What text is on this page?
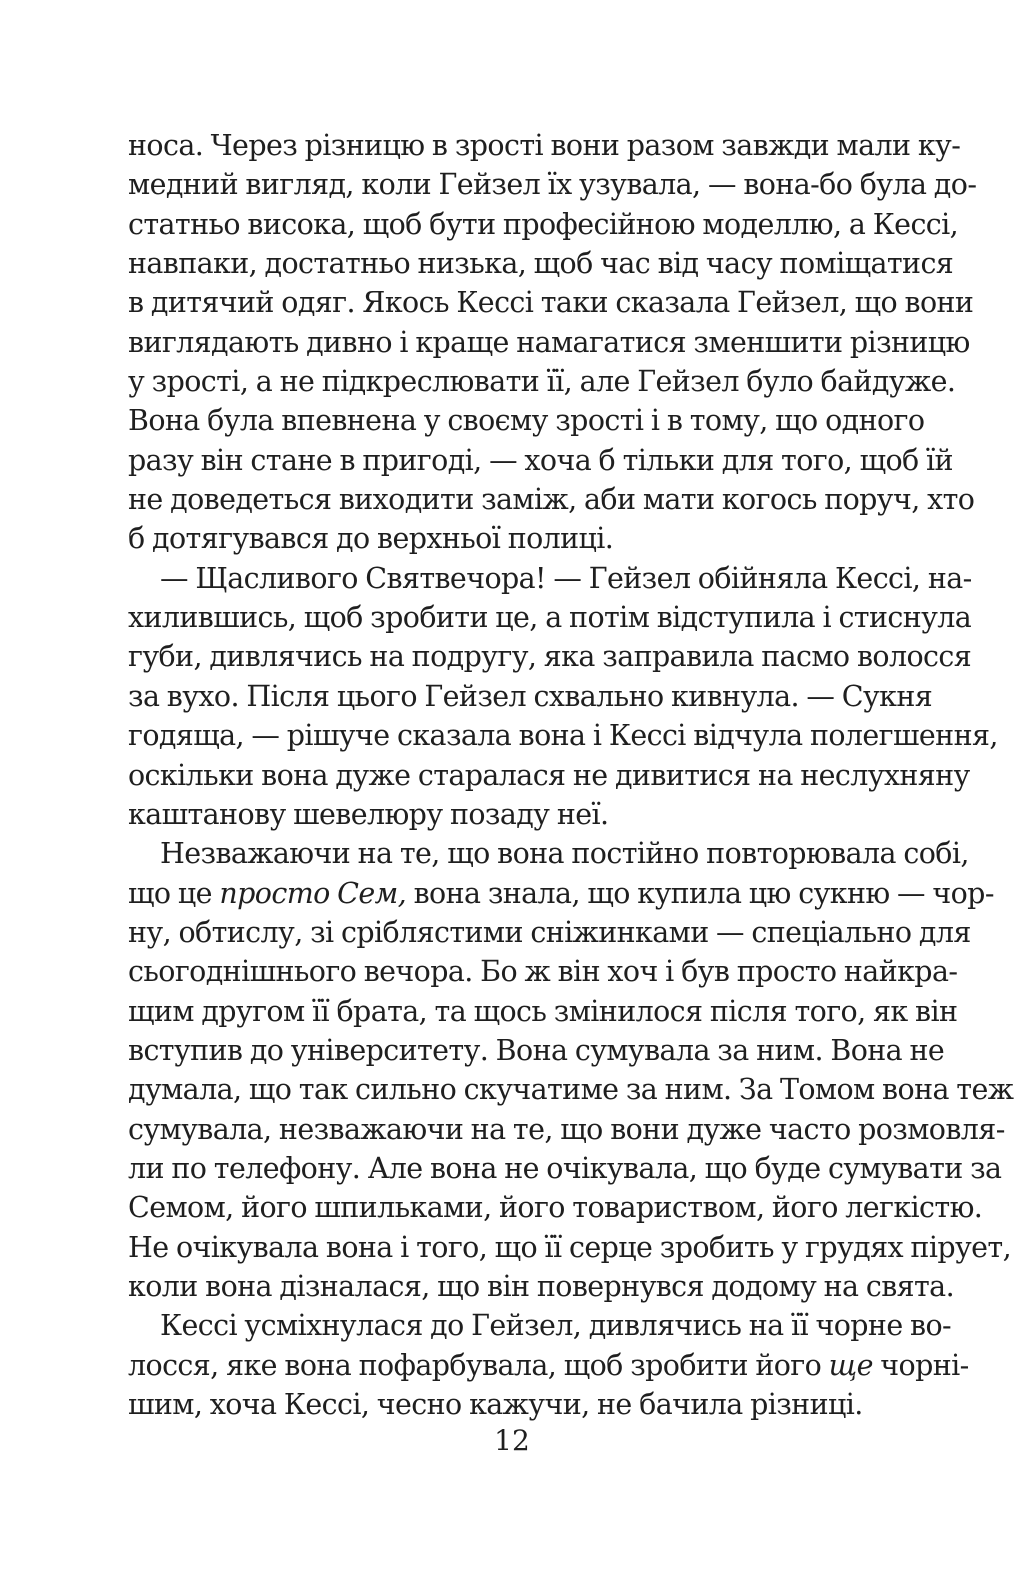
носа. Через різницю в зрості вони разом завжди мали ку-
медний вигляд, коли Гейзел їх узувала, — вона-бо була до-
статньо висока, щоб бути професійною моделлю, а Кессі,
навпаки, достатньо низька, щоб час від часу поміщатися
в дитячий одяг. Якось Кессі таки сказала Гейзел, що вони
виглядають дивно і краще намагатися зменшити різницю
у зрості, а не підкреслювати її, але Гейзел було байдуже.
Вона була впевнена у своєму зрості і в тому, що одного
разу він стане в пригоді, — хоча б тільки для того, щоб їй
не доведеться виходити заміж, аби мати когось поруч, хто
б дотягувався до верхньої полиці.
— Щасливого Святвечора! — Гейзел обійняла Кессі, на-
хилившись, щоб зробити це, а потім відступила і стиснула
губи, дивлячись на подругу, яка заправила пасмо волосся
за вухо. Після цього Гейзел схвально кивнула. — Сукня
годяща, — рішуче сказала вона і Кессі відчула полегшення,
оскільки вона дуже старалася не дивитися на неслухняну
каштанову шевелюру позаду неї.
Незважаючи на те, що вона постійно повторювала собі,
що це просто Сем, вона знала, що купила цю сукню — чор-
ну, обтислу, зі сріблястими сніжинками — спеціально для
сьогоднішнього вечора. Бо ж він хоч і був просто найкра-
щим другом її брата, та щось змінилося після того, як він
вступив до університету. Вона сумувала за ним. Вона не
думала, що так сильно скучатиме за ним. За Томом вона теж
сумувала, незважаючи на те, що вони дуже часто розмовля-
ли по телефону. Але вона не очікувала, що буде сумувати за
Семом, його шпильками, його товариством, його легкістю.
Не очікувала вона і того, що її серце зробить у грудях пірует,
коли вона дізналася, що він повернувся додому на свята.
Кессі усміхнулася до Гейзел, дивлячись на її чорне во-
лосся, яке вона пофарбувала, щоб зробити його ще чорні-
шим, хоча Кессі, чесно кажучи, не бачила різниці.
12
